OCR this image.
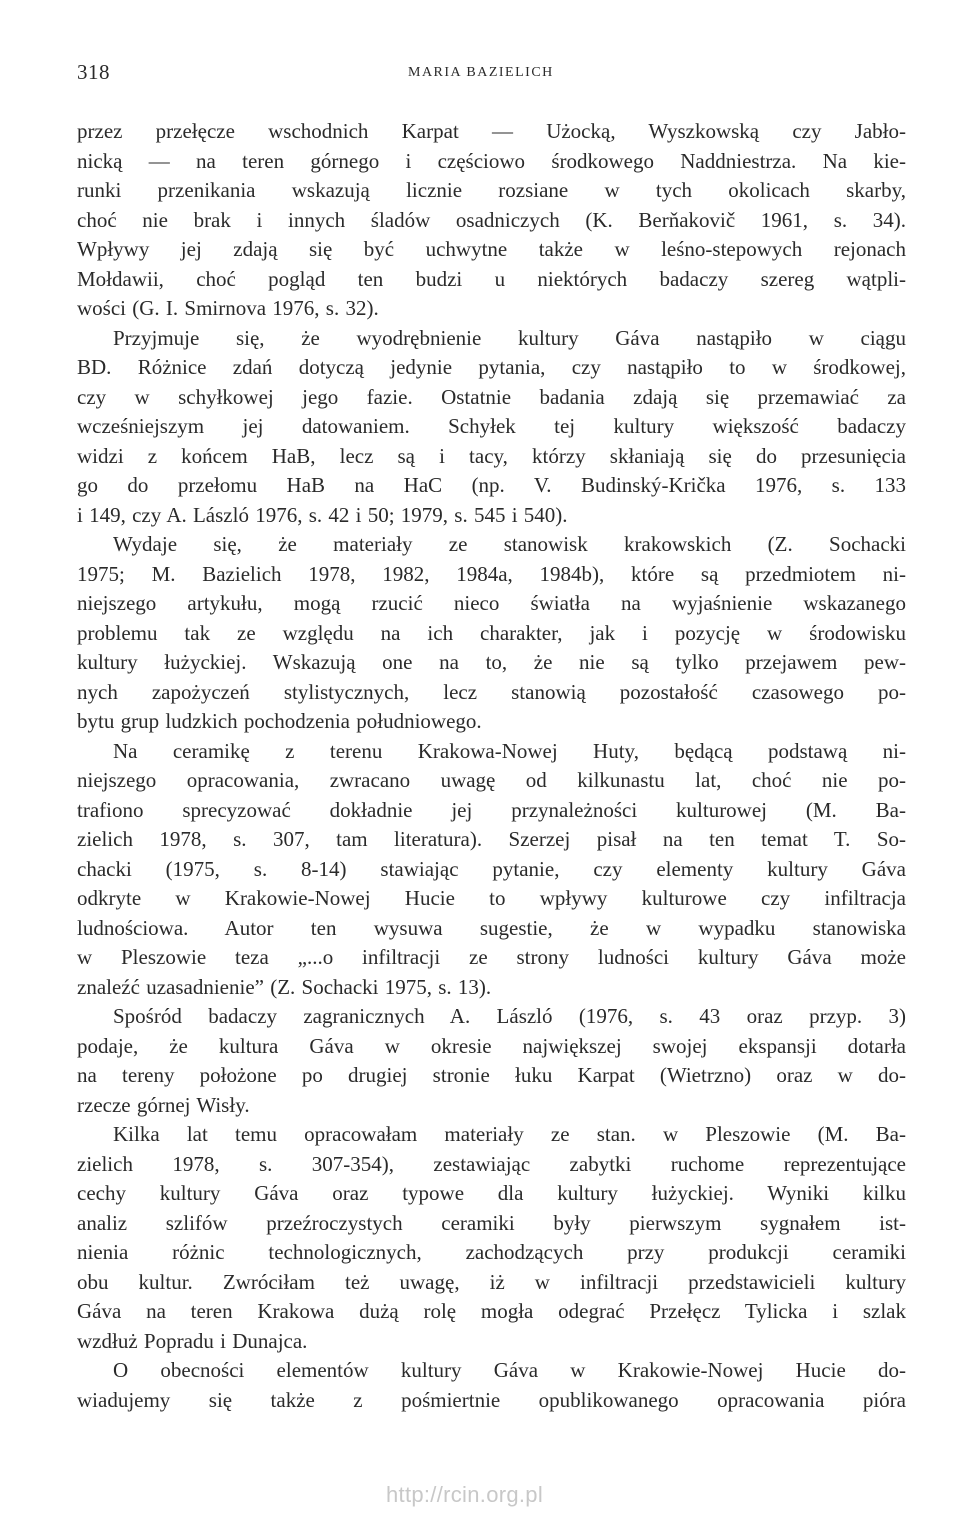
318	MARIA BAZIELICH
przez przełęcze wschodnich Karpat — Użocką, Wyszkowską czy Jabło-
nicką — na teren górnego i częściowo środkowego Naddniestrza. Na kie-
runki przenikania wskazują licznie rozsiane w tych okolicach skarby,
choć nie brak i innych śladów osadniczych (K. Berňakovič 1961, s. 34).
Wpływy jej zdają się być uchwytne także w leśno-stepowych rejonach
Mołdawii, choć pogląd ten budzi u niektórych badaczy szereg wątpli-
wości (G. I. Smirnova 1976, s. 32).
Przyjmuje się, że wyodrębnienie kultury Gáva nastąpiło w ciągu
BD. Różnice zdań dotyczą jedynie pytania, czy nastąpiło to w środkowej,
czy w schyłkowej jego fazie. Ostatnie badania zdają się przemawiać za
wcześniejszym jej datowaniem. Schyłek tej kultury większość badaczy
widzi z końcem HaB, lecz są i tacy, którzy skłaniają się do przesunięcia
go do przełomu HaB na HaC (np. V. Budinský-Krička 1976, s. 133
i 149, czy A. László 1976, s. 42 i 50; 1979, s. 545 i 540).
Wydaje się, że materiały ze stanowisk krakowskich (Z. Sochacki
1975; M. Bazielich 1978, 1982, 1984a, 1984b), które są przedmiotem ni-
niejszego artykułu, mogą rzucić nieco światła na wyjaśnienie wskazanego
problemu tak ze względu na ich charakter, jak i pozycję w środowisku
kultury łużyckiej. Wskazują one na to, że nie są tylko przejawem pew-
nych zapożyczeń stylistycznych, lecz stanowią pozostałość czasowego po-
bytu grup ludzkich pochodzenia południowego.
Na ceramikę z terenu Krakowa-Nowej Huty, będącą podstawą ni-
niejszego opracowania, zwracano uwagę od kilkunastu lat, choć nie po-
trafiono sprecyzować dokładnie jej przynależności kulturowej (M. Ba-
zielich 1978, s. 307, tam literatura). Szerzej pisał na ten temat T. So-
chacki (1975, s. 8-14) stawiając pytanie, czy elementy kultury Gáva
odkryte w Krakowie-Nowej Hucie to wpływy kulturowe czy infiltracja
ludnościowa. Autor ten wysuwa sugestie, że w wypadku stanowiska
w Pleszowie teza „...o infiltracji ze strony ludności kultury Gáva może
znaleźć uzasadnienie” (Z. Sochacki 1975, s. 13).
Spośród badaczy zagranicznych A. László (1976, s. 43 oraz przyp. 3)
podaje, że kultura Gáva w okresie największej swojej ekspansji dotarła
na tereny położone po drugiej stronie łuku Karpat (Wietrzno) oraz w do-
rzecze górnej Wisły.
Kilka lat temu opracowałam materiały ze stan. w Pleszowie (M. Ba-
zielich 1978, s. 307-354), zestawiając zabytki ruchome reprezentujące
cechy kultury Gáva oraz typowe dla kultury łużyckiej. Wyniki kilku
analiz szlifów przeźroczystych ceramiki były pierwszym sygnałem ist-
nienia różnic technologicznych, zachodzących przy produkcji ceramiki
obu kultur. Zwróciłam też uwagę, iż w infiltracji przedstawicieli kultury
Gáva na teren Krakowa dużą rolę mogła odegrać Przełęcz Tylicka i szlak
wzdłuż Popradu i Dunajca.
O obecności elementów kultury Gáva w Krakowie-Nowej Hucie do-
wiadujemy się także z pośmiertnie opublikowanego opracowania pióra
http://rcin.org.pl
